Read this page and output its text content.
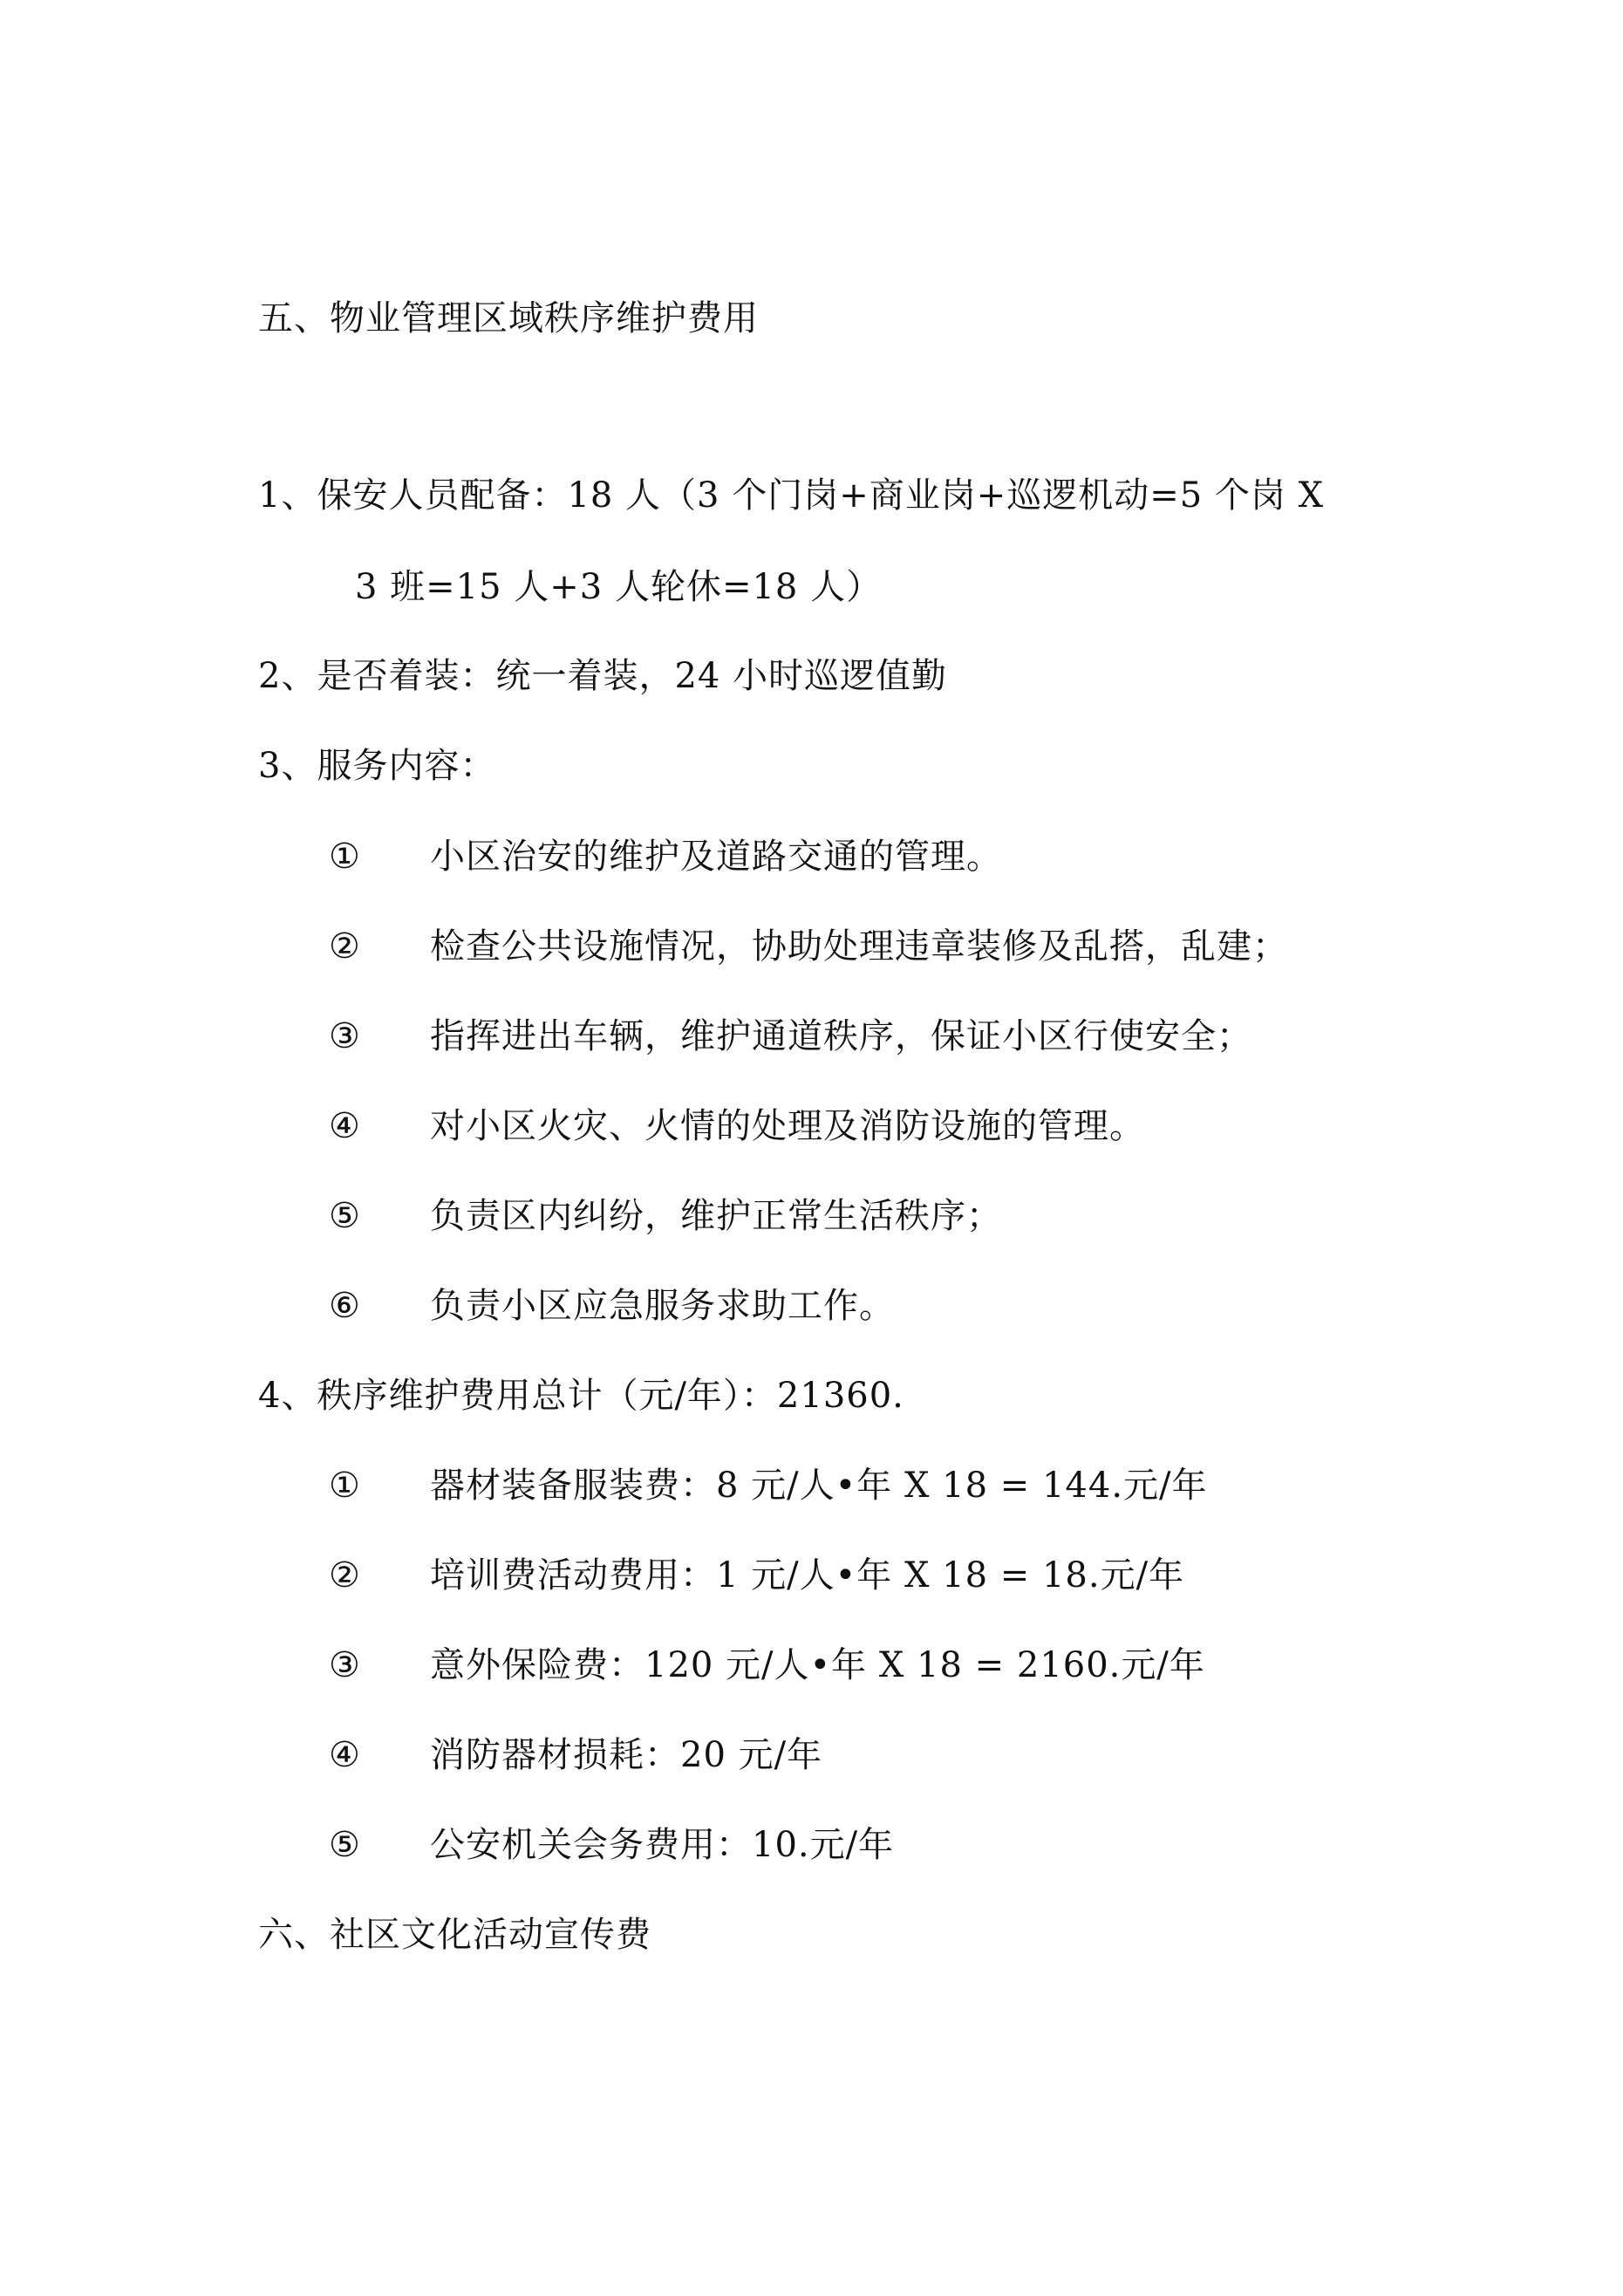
五、物业管理区域秩序维护费用
1、保安人员配备：18 人（3 个门岗+商业岗+巡逻机动=5 个岗 X
3 班=15 人+3 人轮休=18 人）
2、是否着装：统一着装，24 小时巡逻值勤
3、服务内容：
① 小区治安的维护及道路交通的管理。
② 检查公共设施情况，协助处理违章装修及乱搭，乱建；
③ 指挥进出车辆，维护通道秩序，保证小区行使安全；
④ 对小区火灾、火情的处理及消防设施的管理。
⑤ 负责区内纠纷，维护正常生活秩序；
⑥ 负责小区应急服务求助工作。
4、秩序维护费用总计（元/年）：21360.
① 器材装备服装费：8 元/人•年 X 18 = 144.元/年
② 培训费活动费用：1 元/人•年 X 18 = 18.元/年
③ 意外保险费：120 元/人•年 X 18 = 2160.元/年
④ 消防器材损耗：20 元/年
⑤ 公安机关会务费用：10.元/年
六、社区文化活动宣传费
